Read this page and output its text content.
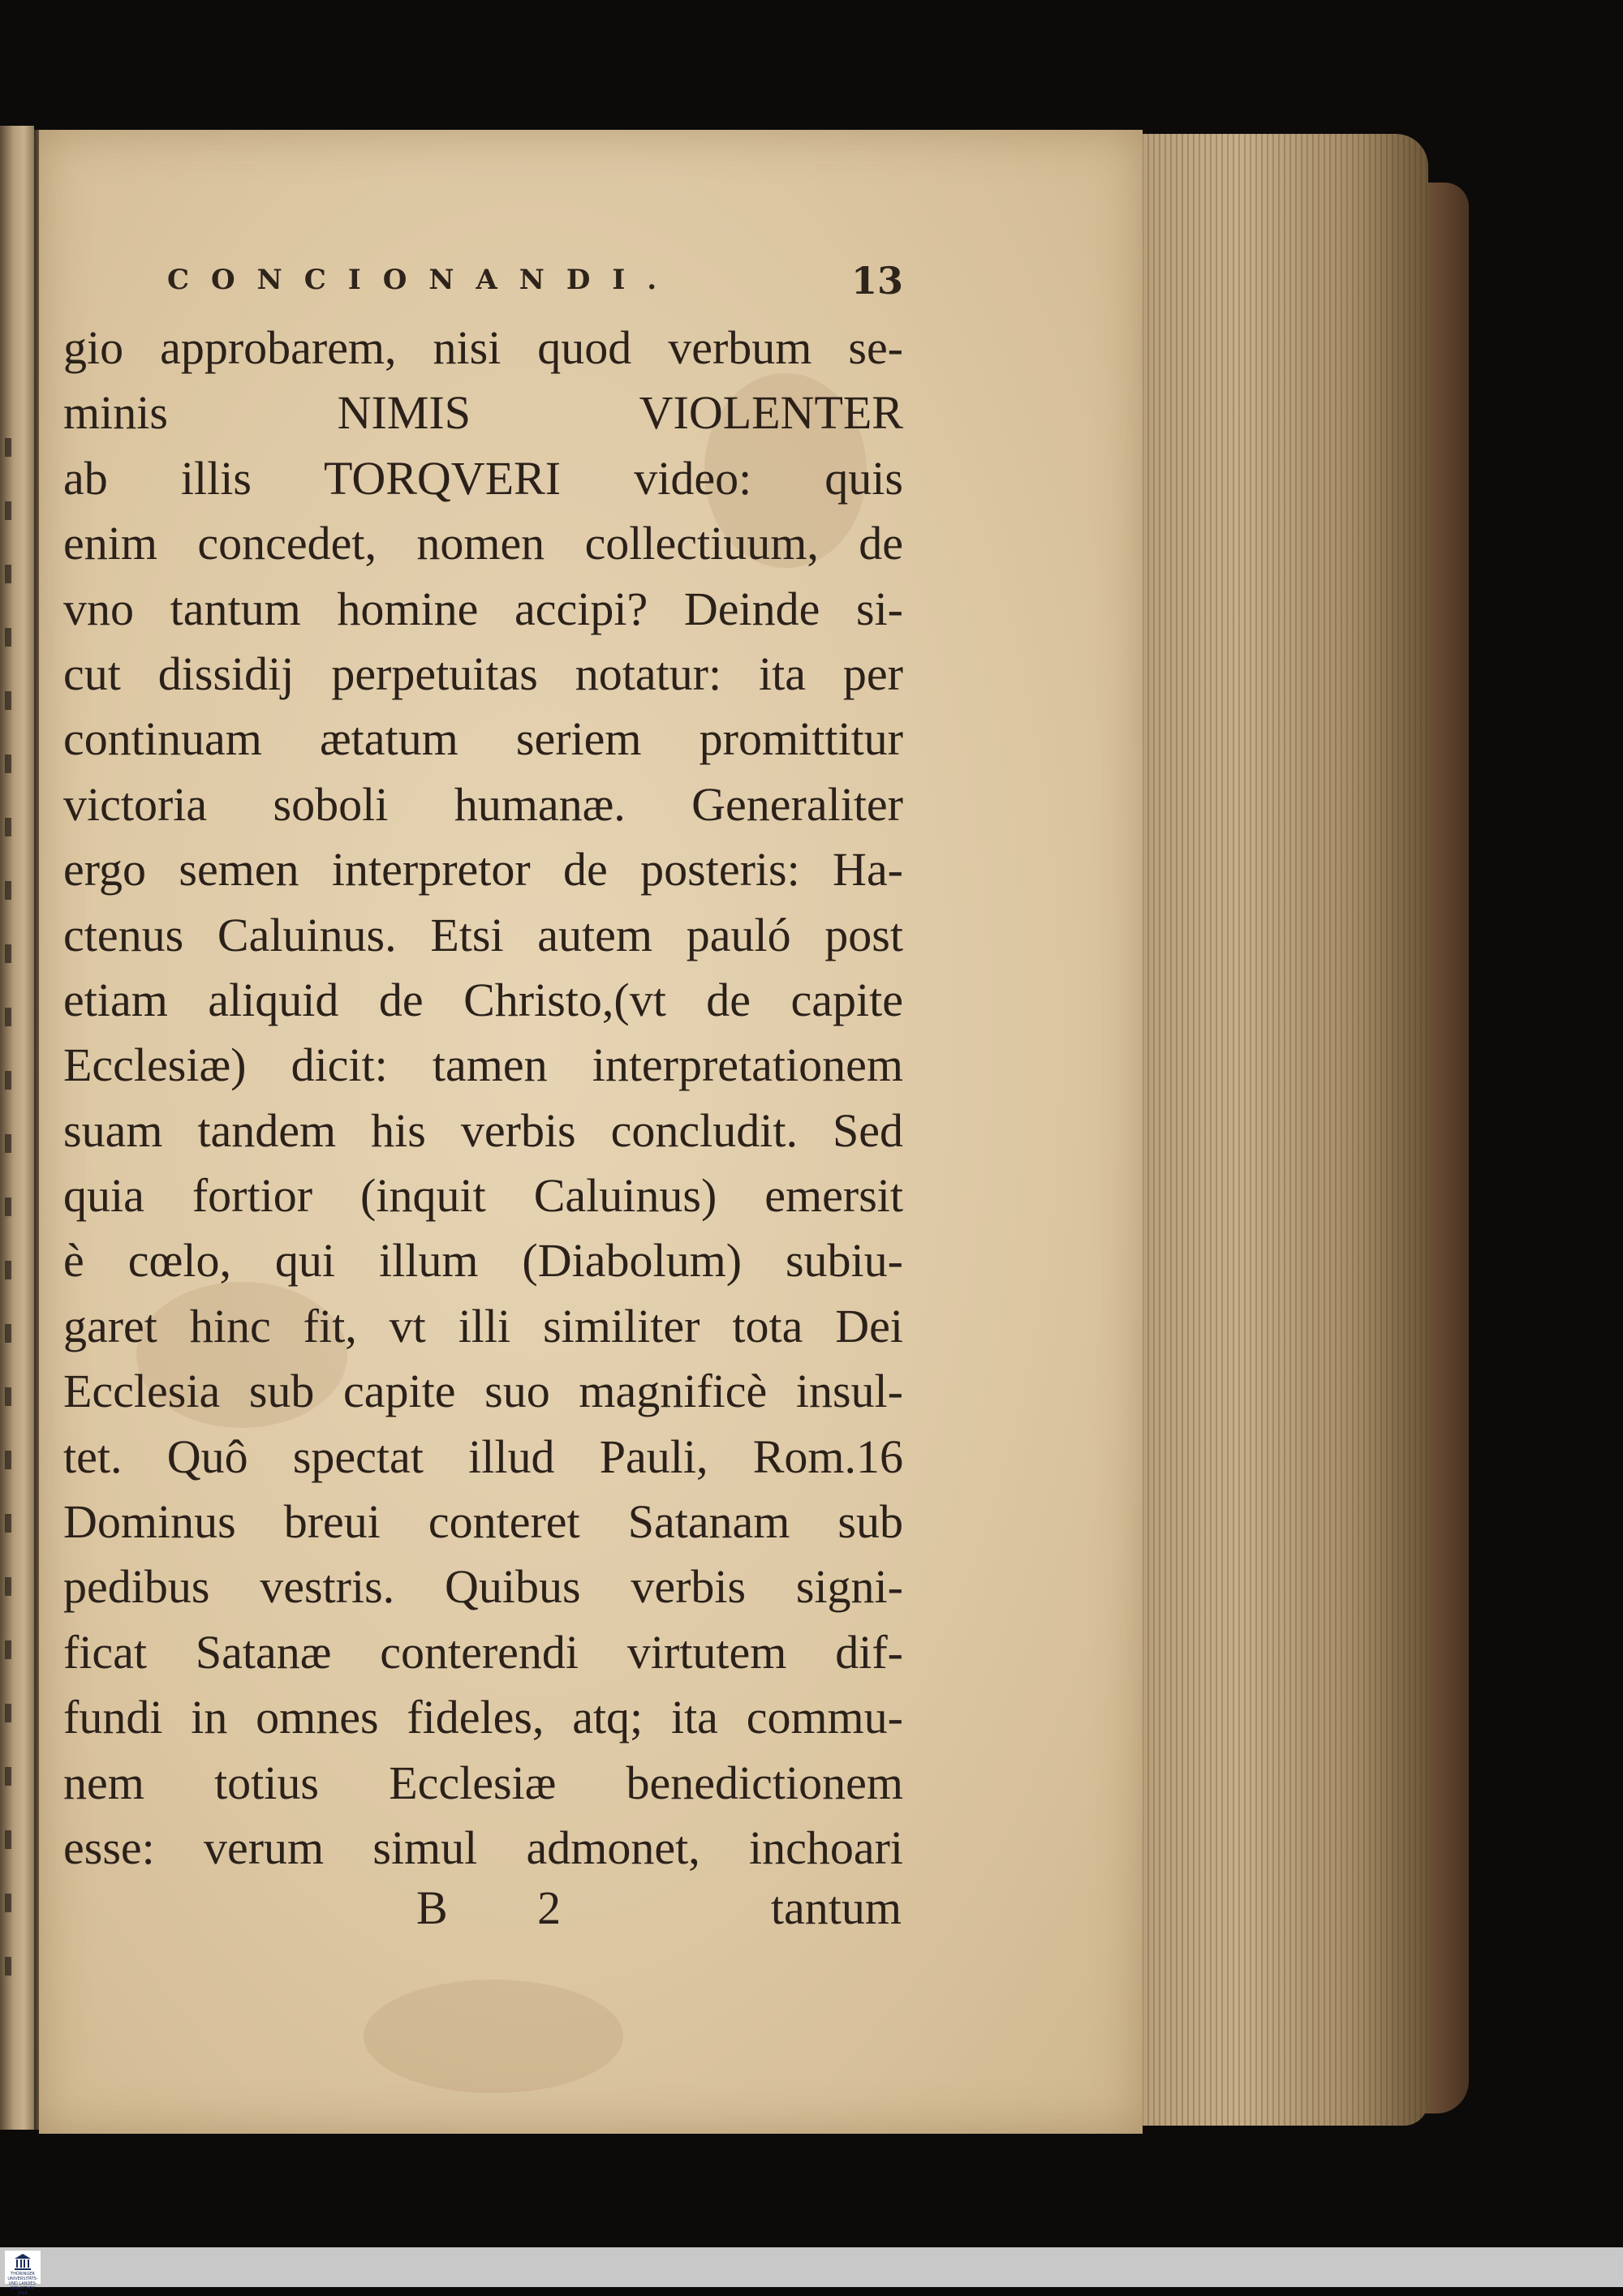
CONCIONANDI.	13
gio approbarem, nisi quod verbum se-
minis NIMIS VIOLENTER
ab illis TORQVERI video: quis
enim concedet, nomen collectiuum, de
vno tantum homine accipi? Deinde si-
cut dissidij perpetuitas notatur: ita per
continuam ætatum seriem promittitur
victoria soboli humanæ. Generaliter
ergo semen interpretor de posteris: Ha-
ctenus Caluinus. Etsi autem pauló post
etiam aliquid de Christo,(vt de capite
Ecclesiæ) dicit: tamen interpretationem
suam tandem his verbis concludit. Sed
quia fortior (inquit Caluinus) emersit
è cœlo, qui illum (Diabolum) subiu-
garet hinc fit, vt illi similiter tota Dei
Ecclesia sub capite suo magnificè insul-
tet. Quô spectat illud Pauli, Rom.16
Dominus breui conteret Satanam sub
pedibus vestris. Quibus verbis signi-
ficat Satanæ conterendi virtutem dif-
fundi in omnes fideles, atq; ita commu-
nem totius Ecclesiæ benedictionem
esse: verum simul admonet, inchoari
B 2	tantum
THÜRINGER
UNIVERSITÄTS-
UND LANDES-
BIBLIOTHEK
JENA
